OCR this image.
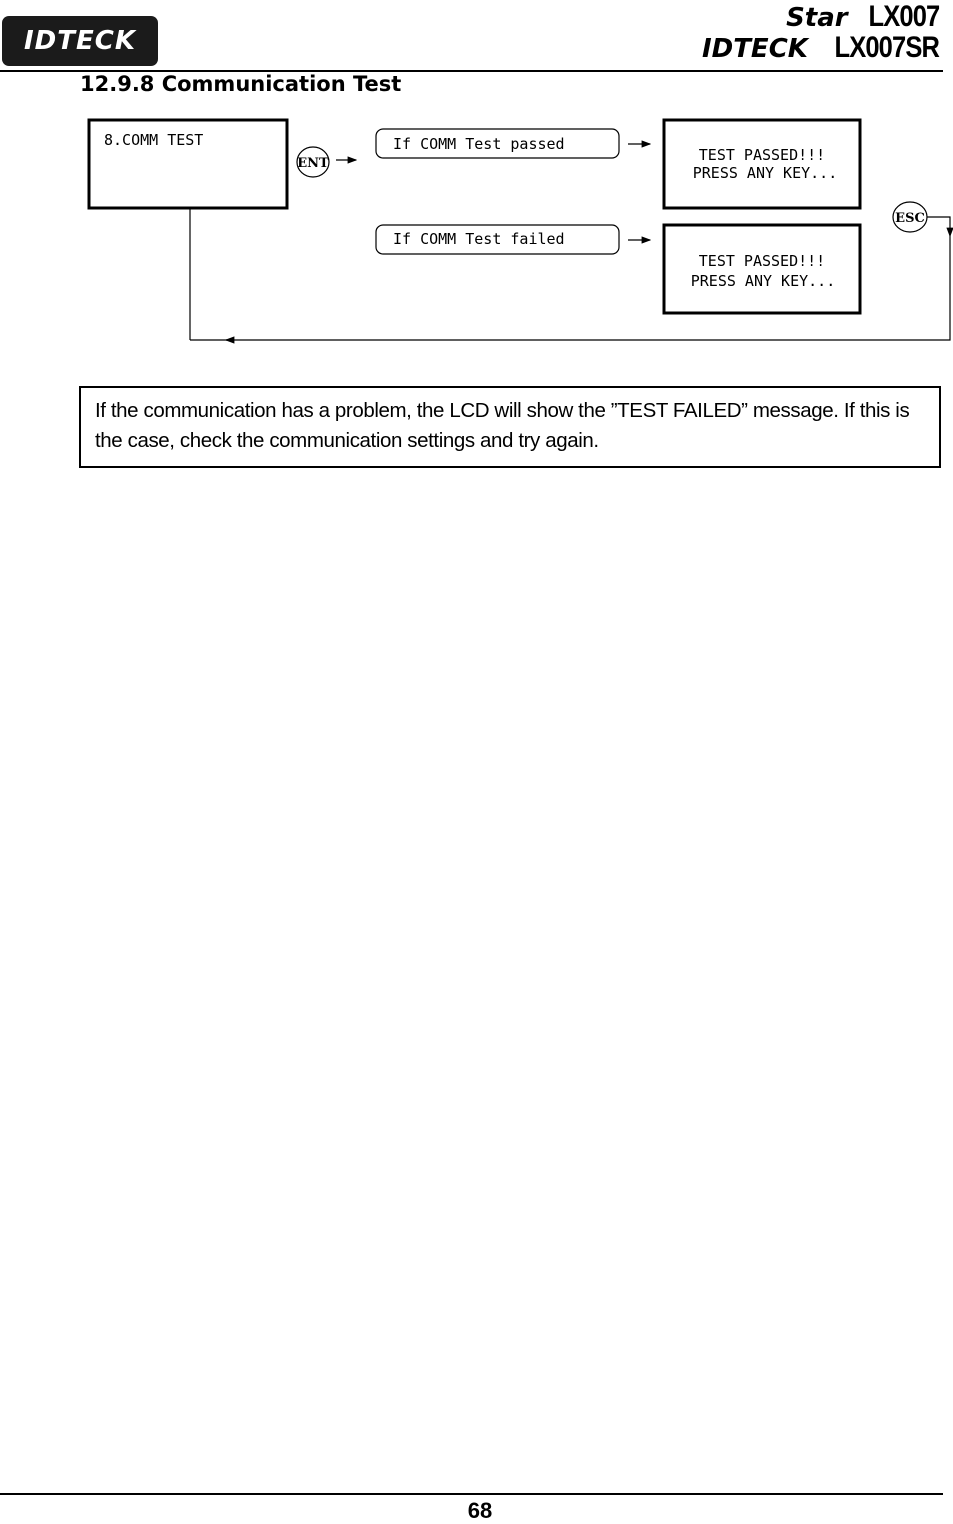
IDTECK
Star LX007
IDTECK LX007SR
12.9.8 Communication Test
8.COMM TEST
ENT
If COMM Test passed
If COMM Test failed
TEST PASSED!!!
PRESS ANY KEY...
TEST PASSED!!!
PRESS ANY KEY...
ESC
If the communication has a problem, the LCD will show the ”TEST FAILED” message. If this is the case, check the communication settings and try again.
68
